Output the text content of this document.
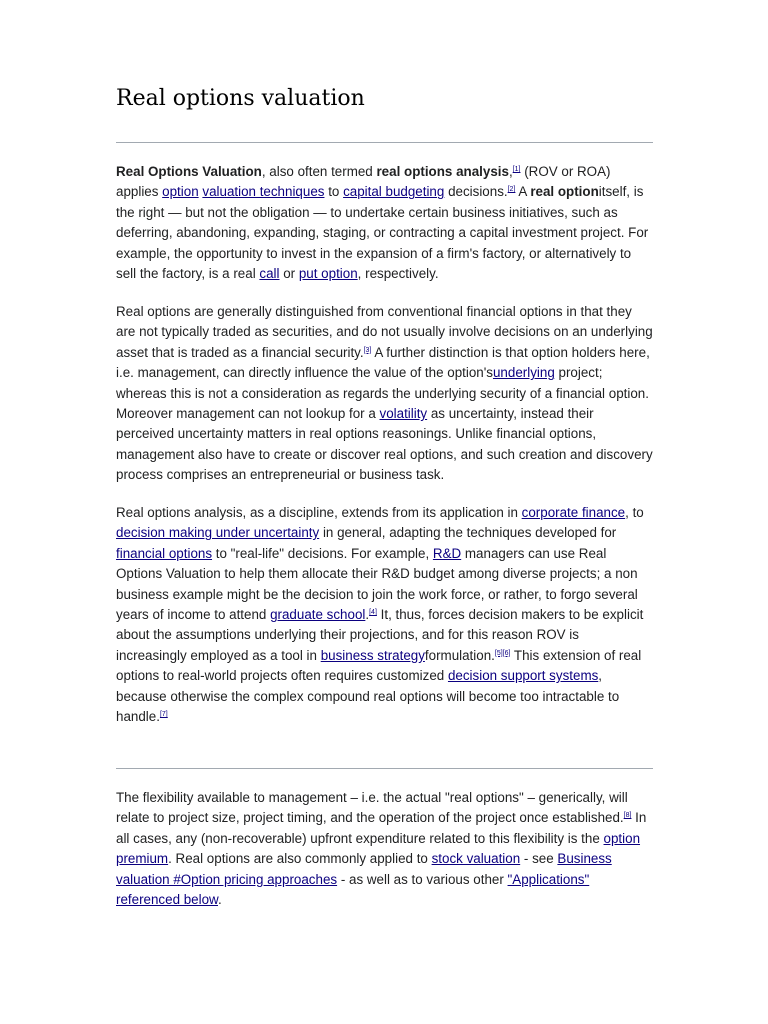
Real options valuation

Real Options Valuation, also often termed real options analysis,[1] (ROV or ROA) applies option valuation techniques to capital budgeting decisions.[2] A real optionitself, is the right — but not the obligation — to undertake certain business initiatives, such as deferring, abandoning, expanding, staging, or contracting a capital investment project. For example, the opportunity to invest in the expansion of a firm's factory, or alternatively to sell the factory, is a real call or put option, respectively.

Real options are generally distinguished from conventional financial options in that they are not typically traded as securities, and do not usually involve decisions on an underlying asset that is traded as a financial security.[3] A further distinction is that option holders here, i.e. management, can directly influence the value of the option'sunderlying project; whereas this is not a consideration as regards the underlying security of a financial option. Moreover management can not lookup for a volatility as uncertainty, instead their perceived uncertainty matters in real options reasonings. Unlike financial options, management also have to create or discover real options, and such creation and discovery process comprises an entrepreneurial or business task.

Real options analysis, as a discipline, extends from its application in corporate finance, to decision making under uncertainty in general, adapting the techniques developed for financial options to "real-life" decisions. For example, R&D managers can use Real Options Valuation to help them allocate their R&D budget among diverse projects; a non business example might be the decision to join the work force, or rather, to forgo several years of income to attend graduate school.[4] It, thus, forces decision makers to be explicit about the assumptions underlying their projections, and for this reason ROV is increasingly employed as a tool in business strategyformulation.[5][6] This extension of real options to real-world projects often requires customized decision support systems, because otherwise the complex compound real options will become too intractable to handle.[7]

The flexibility available to management – i.e. the actual "real options" – generically, will relate to project size, project timing, and the operation of the project once established.[8] In all cases, any (non-recoverable) upfront expenditure related to this flexibility is the option premium. Real options are also commonly applied to stock valuation - see Business valuation #Option pricing approaches - as well as to various other "Applications" referenced below.
